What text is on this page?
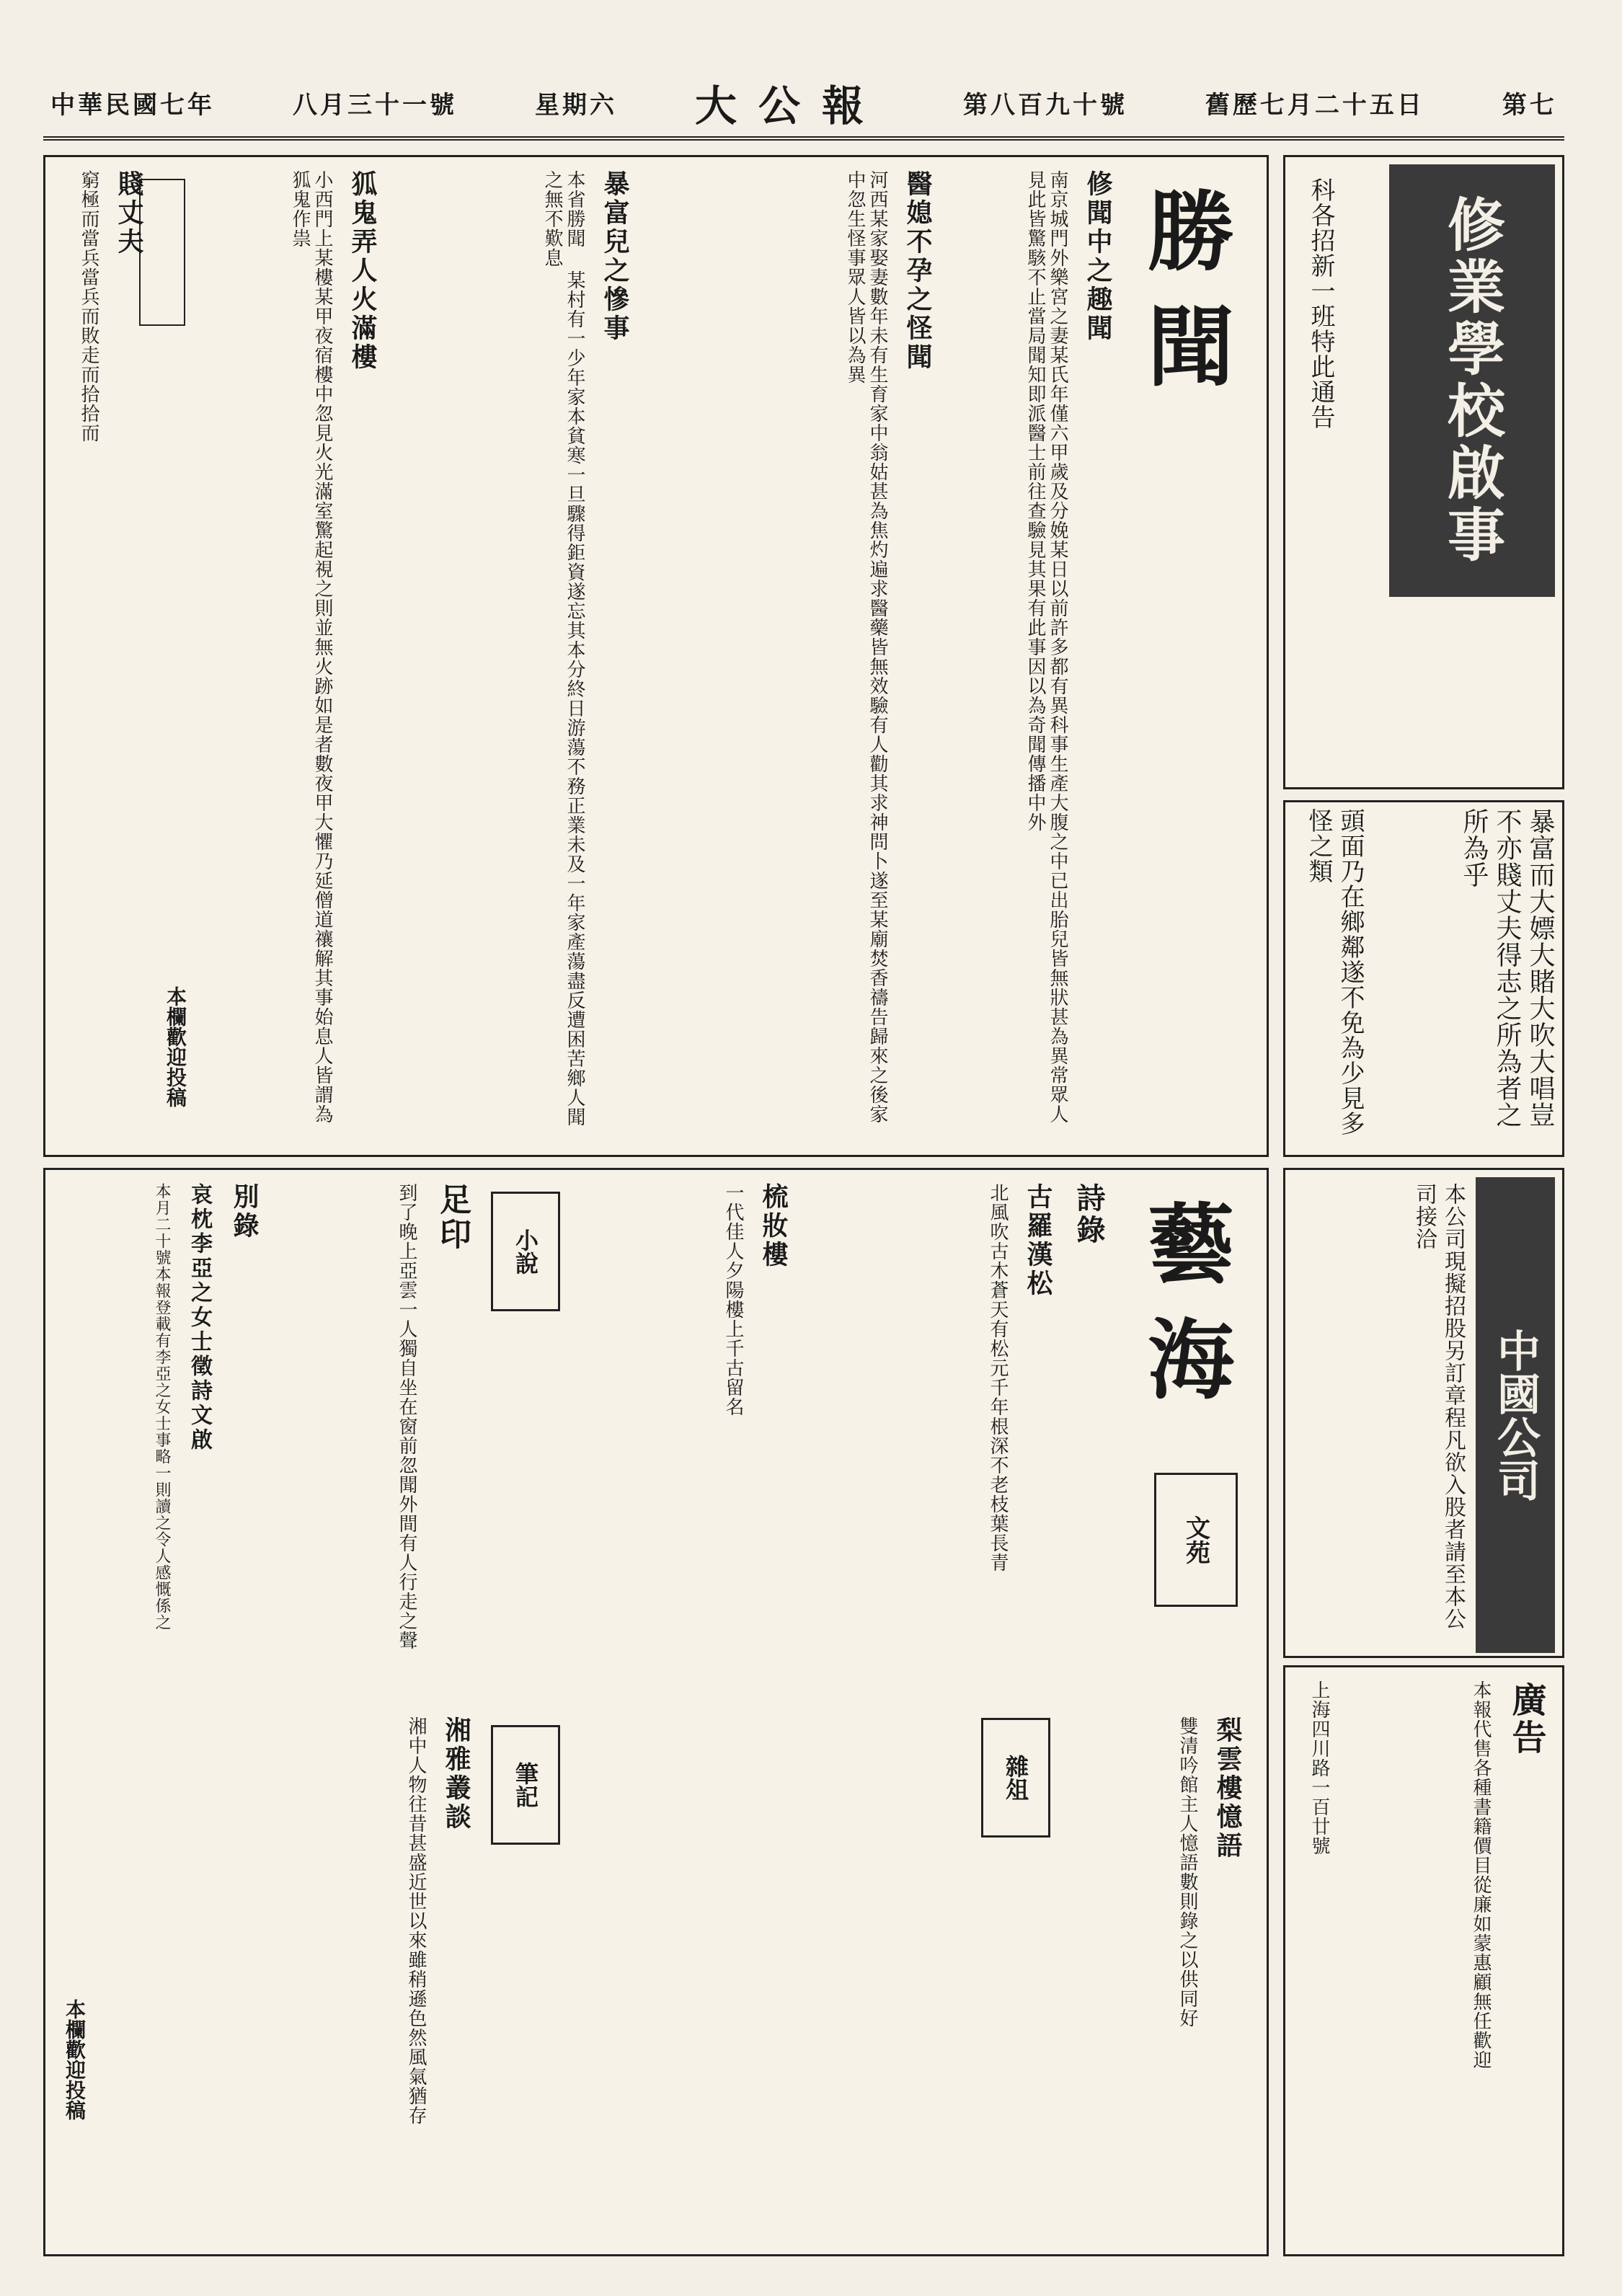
中華民國七年	八月三十一號	星期六 大公報	第八百九十號	舊歷七月二十五日	第七
勝聞
修聞中之趣聞
南京城門外樂宮之妻某氏年僅六甲歲及分娩某日以前許多都有異科事生產大腹之中已出胎兒皆無狀甚為異常眾人見此皆驚駭不止當局聞知即派醫士前往查驗見其果有此事因以為奇聞傳播中外
醫媳不孕之怪聞
河西某家娶妻數年未有生育家中翁姑甚為焦灼遍求醫藥皆無效驗有人勸其求神問卜遂至某廟焚香禱告歸來之後家中忽生怪事眾人皆以為異
暴富兒之慘事
本省勝聞 某村有一少年家本貧寒一旦驟得鉅資遂忘其本分終日游蕩不務正業未及一年家產蕩盡反遭困苦鄉人聞之無不歎息
狐鬼弄人火滿樓
小西門上某樓某甲夜宿樓中忽見火光滿室驚起視之則並無火跡如是者數夜甲大懼乃延僧道禳解其事始息人皆謂為狐鬼作祟
賤丈夫
窮極而當兵當兵而敗走而拾拾而
本欄歡迎投稿
修業學校啟事
科各招新一班特此通告
暴富而大嫖大賭大吹大唱豈不亦賤丈夫得志之所為者之所為乎
頭面乃在鄉鄰遂不免為少見多怪之類
藝海
文苑
詩錄
古羅漢松
北風吹古木蒼天有松元千年根深不老枝葉長青
梳妝樓
一代佳人夕陽樓上千古留名
小說
足印
到了晚上亞雲一人獨自坐在窗前忽聞外間有人行走之聲
筆記
湘雅叢談
湘中人物往昔甚盛近世以來雖稍遜色然風氣猶存	雜俎	梨雲樓憶語
雙清吟館主人憶語數則錄之以供同好
別錄
哀枕李亞之女士徵詩文啟
本月二十號本報登載有李亞之女士事略一則讀之令人感慨係之
本欄歡迎投稿
中國公司
本公司現擬招股另訂章程凡欲入股者請至本公司接洽
廣告
本報代售各種書籍價目從廉如蒙惠顧無任歡迎
上海四川路一百廿號
